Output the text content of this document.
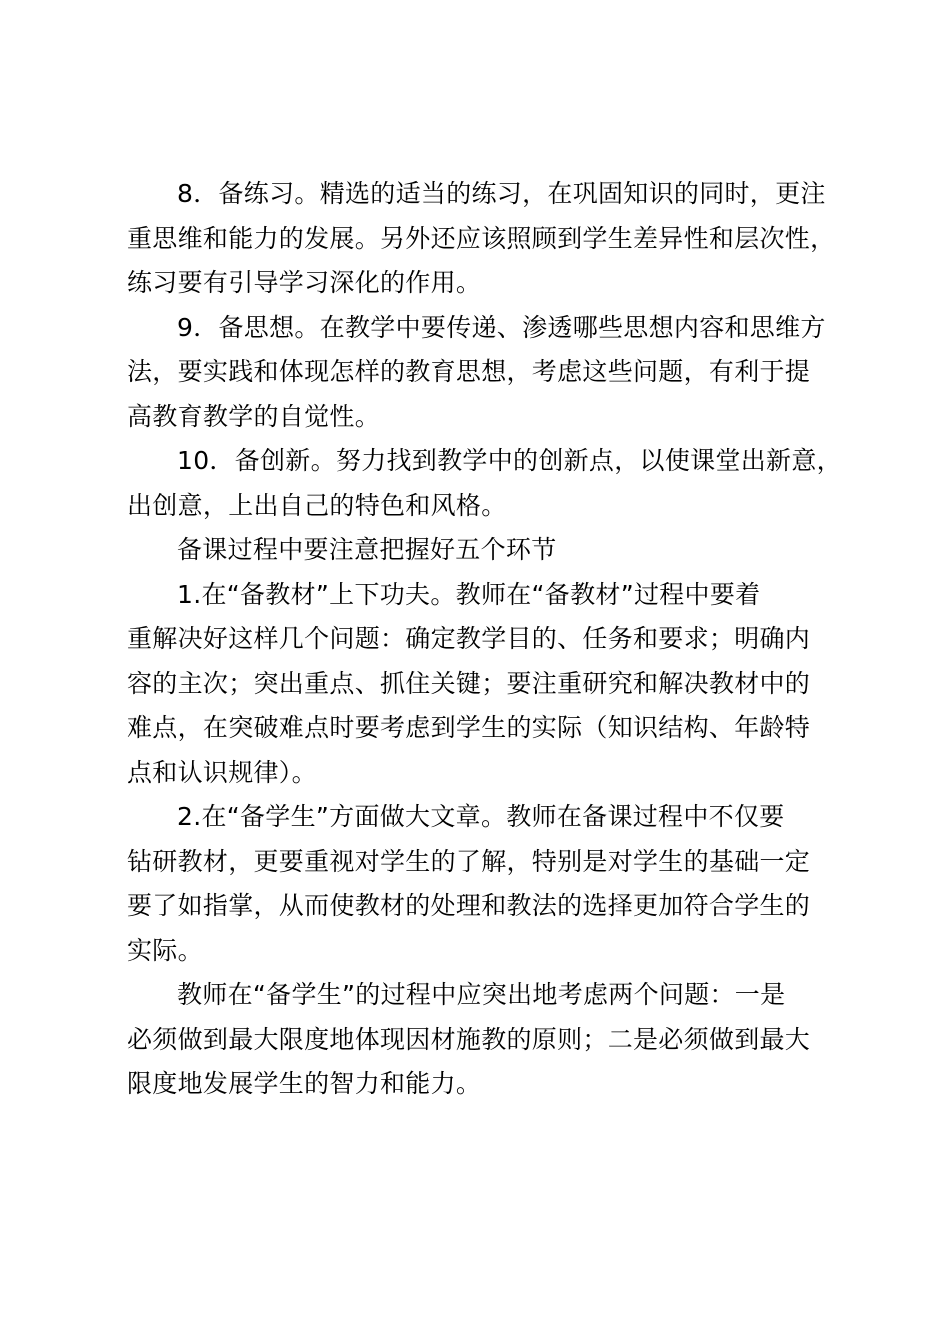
8．备练习。精选的适当的练习，在巩固知识的同时，更注
重思维和能力的发展。另外还应该照顾到学生差异性和层次性，
练习要有引导学习深化的作用。

9．备思想。在教学中要传递、渗透哪些思想内容和思维方
法，要实践和体现怎样的教育思想，考虑这些问题，有利于提
高教育教学的自觉性。

10．备创新。努力找到教学中的创新点，以使课堂出新意，
出创意，上出自己的特色和风格。

备课过程中要注意把握好五个环节

1.在“备教材”上下功夫。教师在“备教材”过程中要着
重解决好这样几个问题：确定教学目的、任务和要求；明确内
容的主次；突出重点、抓住关键；要注重研究和解决教材中的
难点，在突破难点时要考虑到学生的实际（知识结构、年龄特
点和认识规律）。

2.在“备学生”方面做大文章。教师在备课过程中不仅要
钻研教材，更要重视对学生的了解，特别是对学生的基础一定
要了如指掌，从而使教材的处理和教法的选择更加符合学生的
实际。

教师在“备学生”的过程中应突出地考虑两个问题：一是
必须做到最大限度地体现因材施教的原则；二是必须做到最大
限度地发展学生的智力和能力。
